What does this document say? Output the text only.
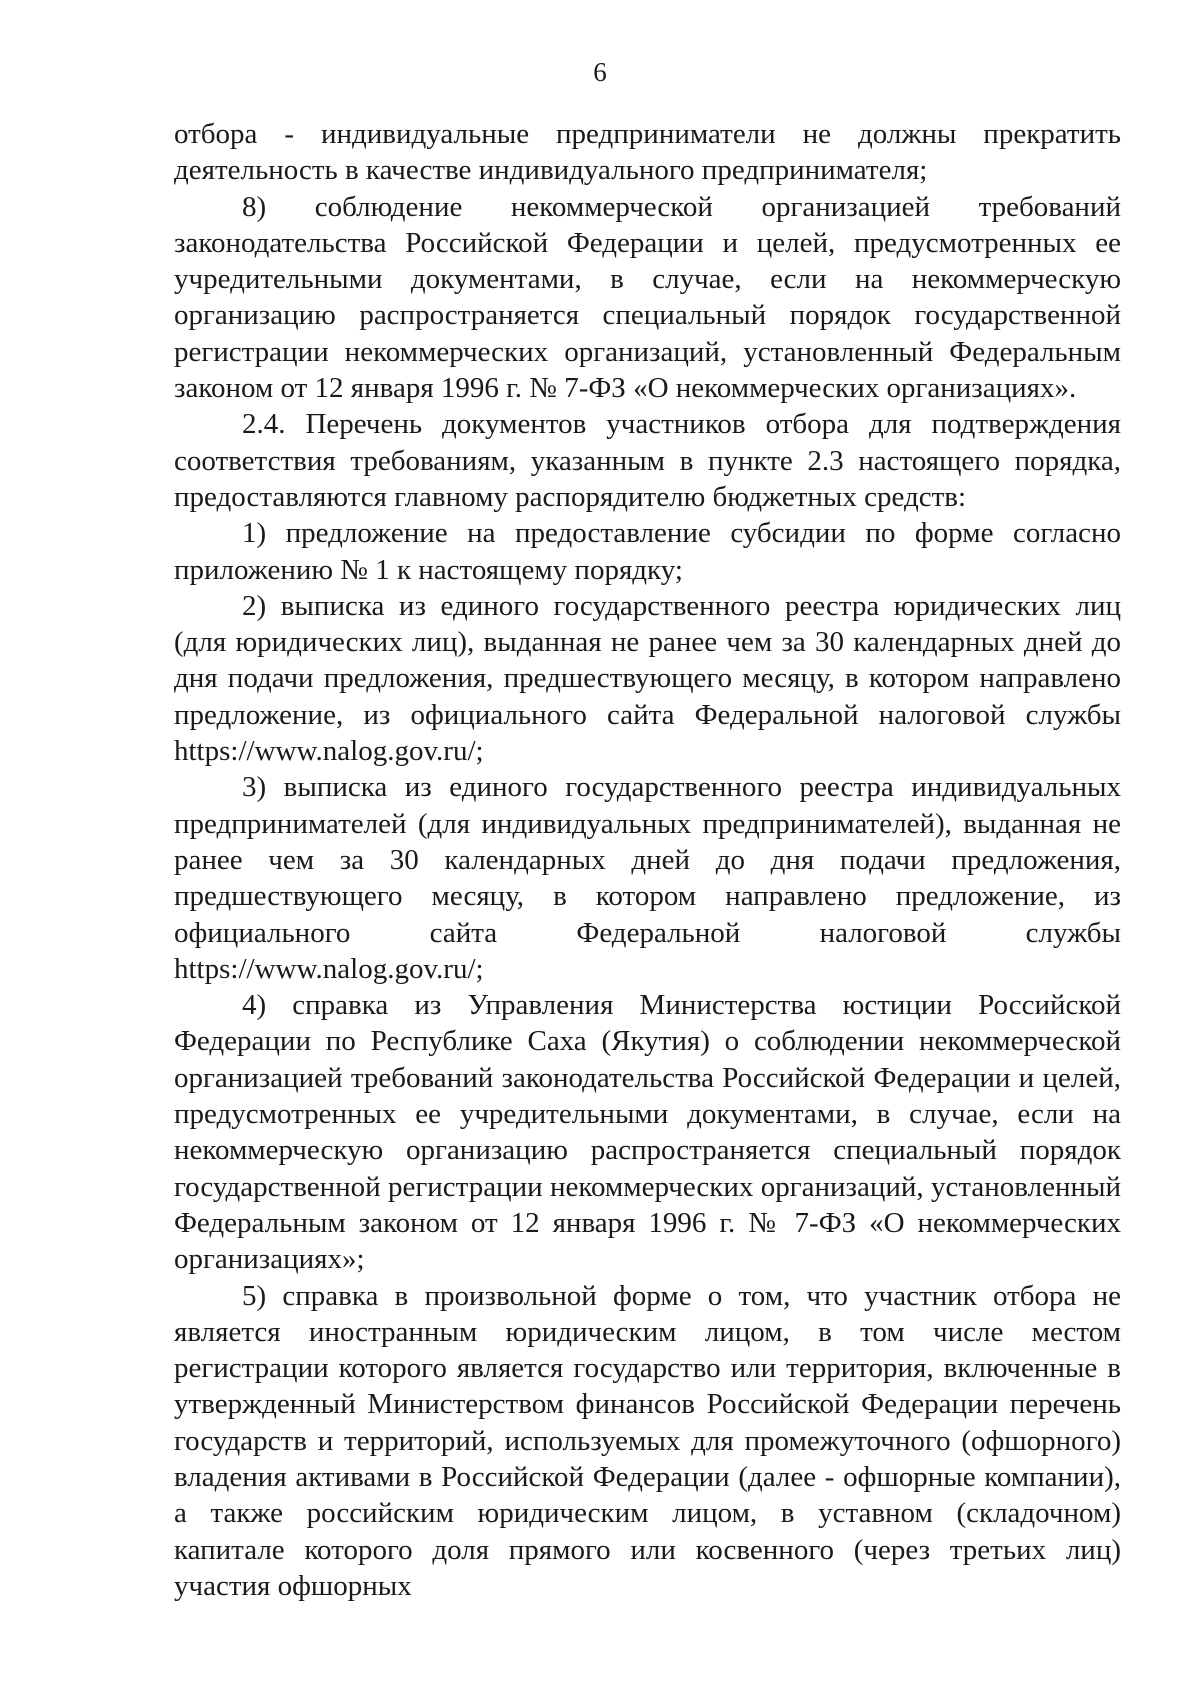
6

отбора - индивидуальные предприниматели не должны прекратить деятельность в качестве индивидуального предпринимателя;

8) соблюдение некоммерческой организацией требований законодательства Российской Федерации и целей, предусмотренных ее учредительными документами, в случае, если на некоммерческую организацию распространяется специальный порядок государственной регистрации некоммерческих организаций, установленный Федеральным законом от 12 января 1996 г. № 7-ФЗ «О некоммерческих организациях».

2.4. Перечень документов участников отбора для подтверждения соответствия требованиям, указанным в пункте 2.3 настоящего порядка, предоставляются главному распорядителю бюджетных средств:

1) предложение на предоставление субсидии по форме согласно приложению № 1 к настоящему порядку;

2) выписка из единого государственного реестра юридических лиц (для юридических лиц), выданная не ранее чем за 30 календарных дней до дня подачи предложения, предшествующего месяцу, в котором направлено предложение, из официального сайта Федеральной налоговой службы https://www.nalog.gov.ru/;

3) выписка из единого государственного реестра индивидуальных предпринимателей (для индивидуальных предпринимателей), выданная не ранее чем за 30 календарных дней до дня подачи предложения, предшествующего месяцу, в котором направлено предложение, из официального сайта Федеральной налоговой службы https://www.nalog.gov.ru/;

4) справка из Управления Министерства юстиции Российской Федерации по Республике Саха (Якутия) о соблюдении некоммерческой организацией требований законодательства Российской Федерации и целей, предусмотренных ее учредительными документами, в случае, если на некоммерческую организацию распространяется специальный порядок государственной регистрации некоммерческих организаций, установленный Федеральным законом от 12 января 1996 г. № 7-ФЗ «О некоммерческих организациях»;

5) справка в произвольной форме о том, что участник отбора не является иностранным юридическим лицом, в том числе местом регистрации которого является государство или территория, включенные в утвержденный Министерством финансов Российской Федерации перечень государств и территорий, используемых для промежуточного (офшорного) владения активами в Российской Федерации (далее - офшорные компании), а также российским юридическим лицом, в уставном (складочном) капитале которого доля прямого или косвенного (через третьих лиц) участия офшорных
